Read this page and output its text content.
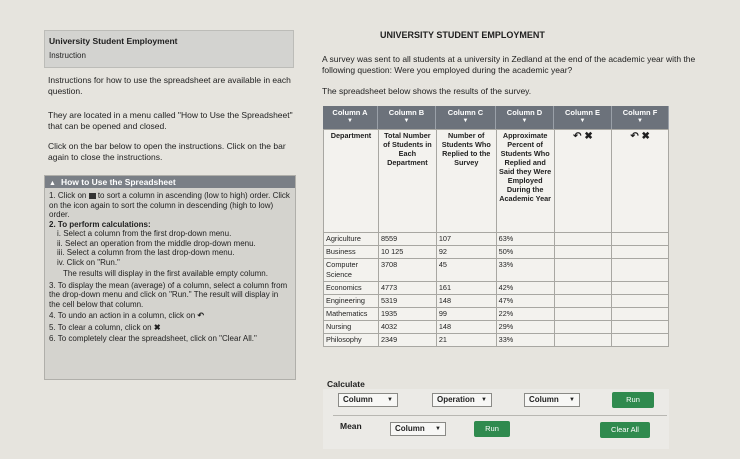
University Student Employment
Instruction
Instructions for how to use the spreadsheet are available in each question.
They are located in a menu called "How to Use the Spreadsheet" that can be opened and closed.
Click on the bar below to open the instructions. Click on the bar again to close the instructions.
▲ How to Use the Spreadsheet

1. Click on to sort a column in ascending (low to high) order. Click on the icon again to sort the column in descending (high to low) order.

2. To perform calculations:

i. Select a column from the first drop-down menu.

ii. Select an operation from the middle drop-down menu.

iii. Select a column from the last drop-down menu.

iv. Click on "Run."

The results will display in the first available empty column.

3. To display the mean (average) of a column, select a column from the drop-down menu and click on "Run." The result will display in the cell below that column.

4. To undo an action in a column, click on ↶

5. To clear a column, click on ✖

6. To completely clear the spreadsheet, click on "Clear All."

UNIVERSITY STUDENT EMPLOYMENT
A survey was sent to all students at a university in Zedland at the end of the academic year with the following question: Were you employed during the academic year?
The spreadsheet below shows the results of the survey.
Column A
▼
Column B
▼
Column C
▼
Column D
▼
Column E
▼
Column F
▼
Department	Total Number of Students in Each Department	Number of Students Who Replied to the Survey	Approximate Percent of Students Who Replied and Said they Were Employed During the Academic Year	↶ ✖	↶ ✖
Agriculture	8559	107	63%		
Business	10 125	92	50%		
Computer Science	3708	45	33%		
Economics	4773	161	42%		
Engineering	5319	148	47%		
Mathematics	1935	99	22%		
Nursing	4032	148	29%		
Philosophy	2349	21	33%		
Calculate
Column ▼	Operation ▼	Column ▼	Run
Mean	Column ▼	Run	Clear All
